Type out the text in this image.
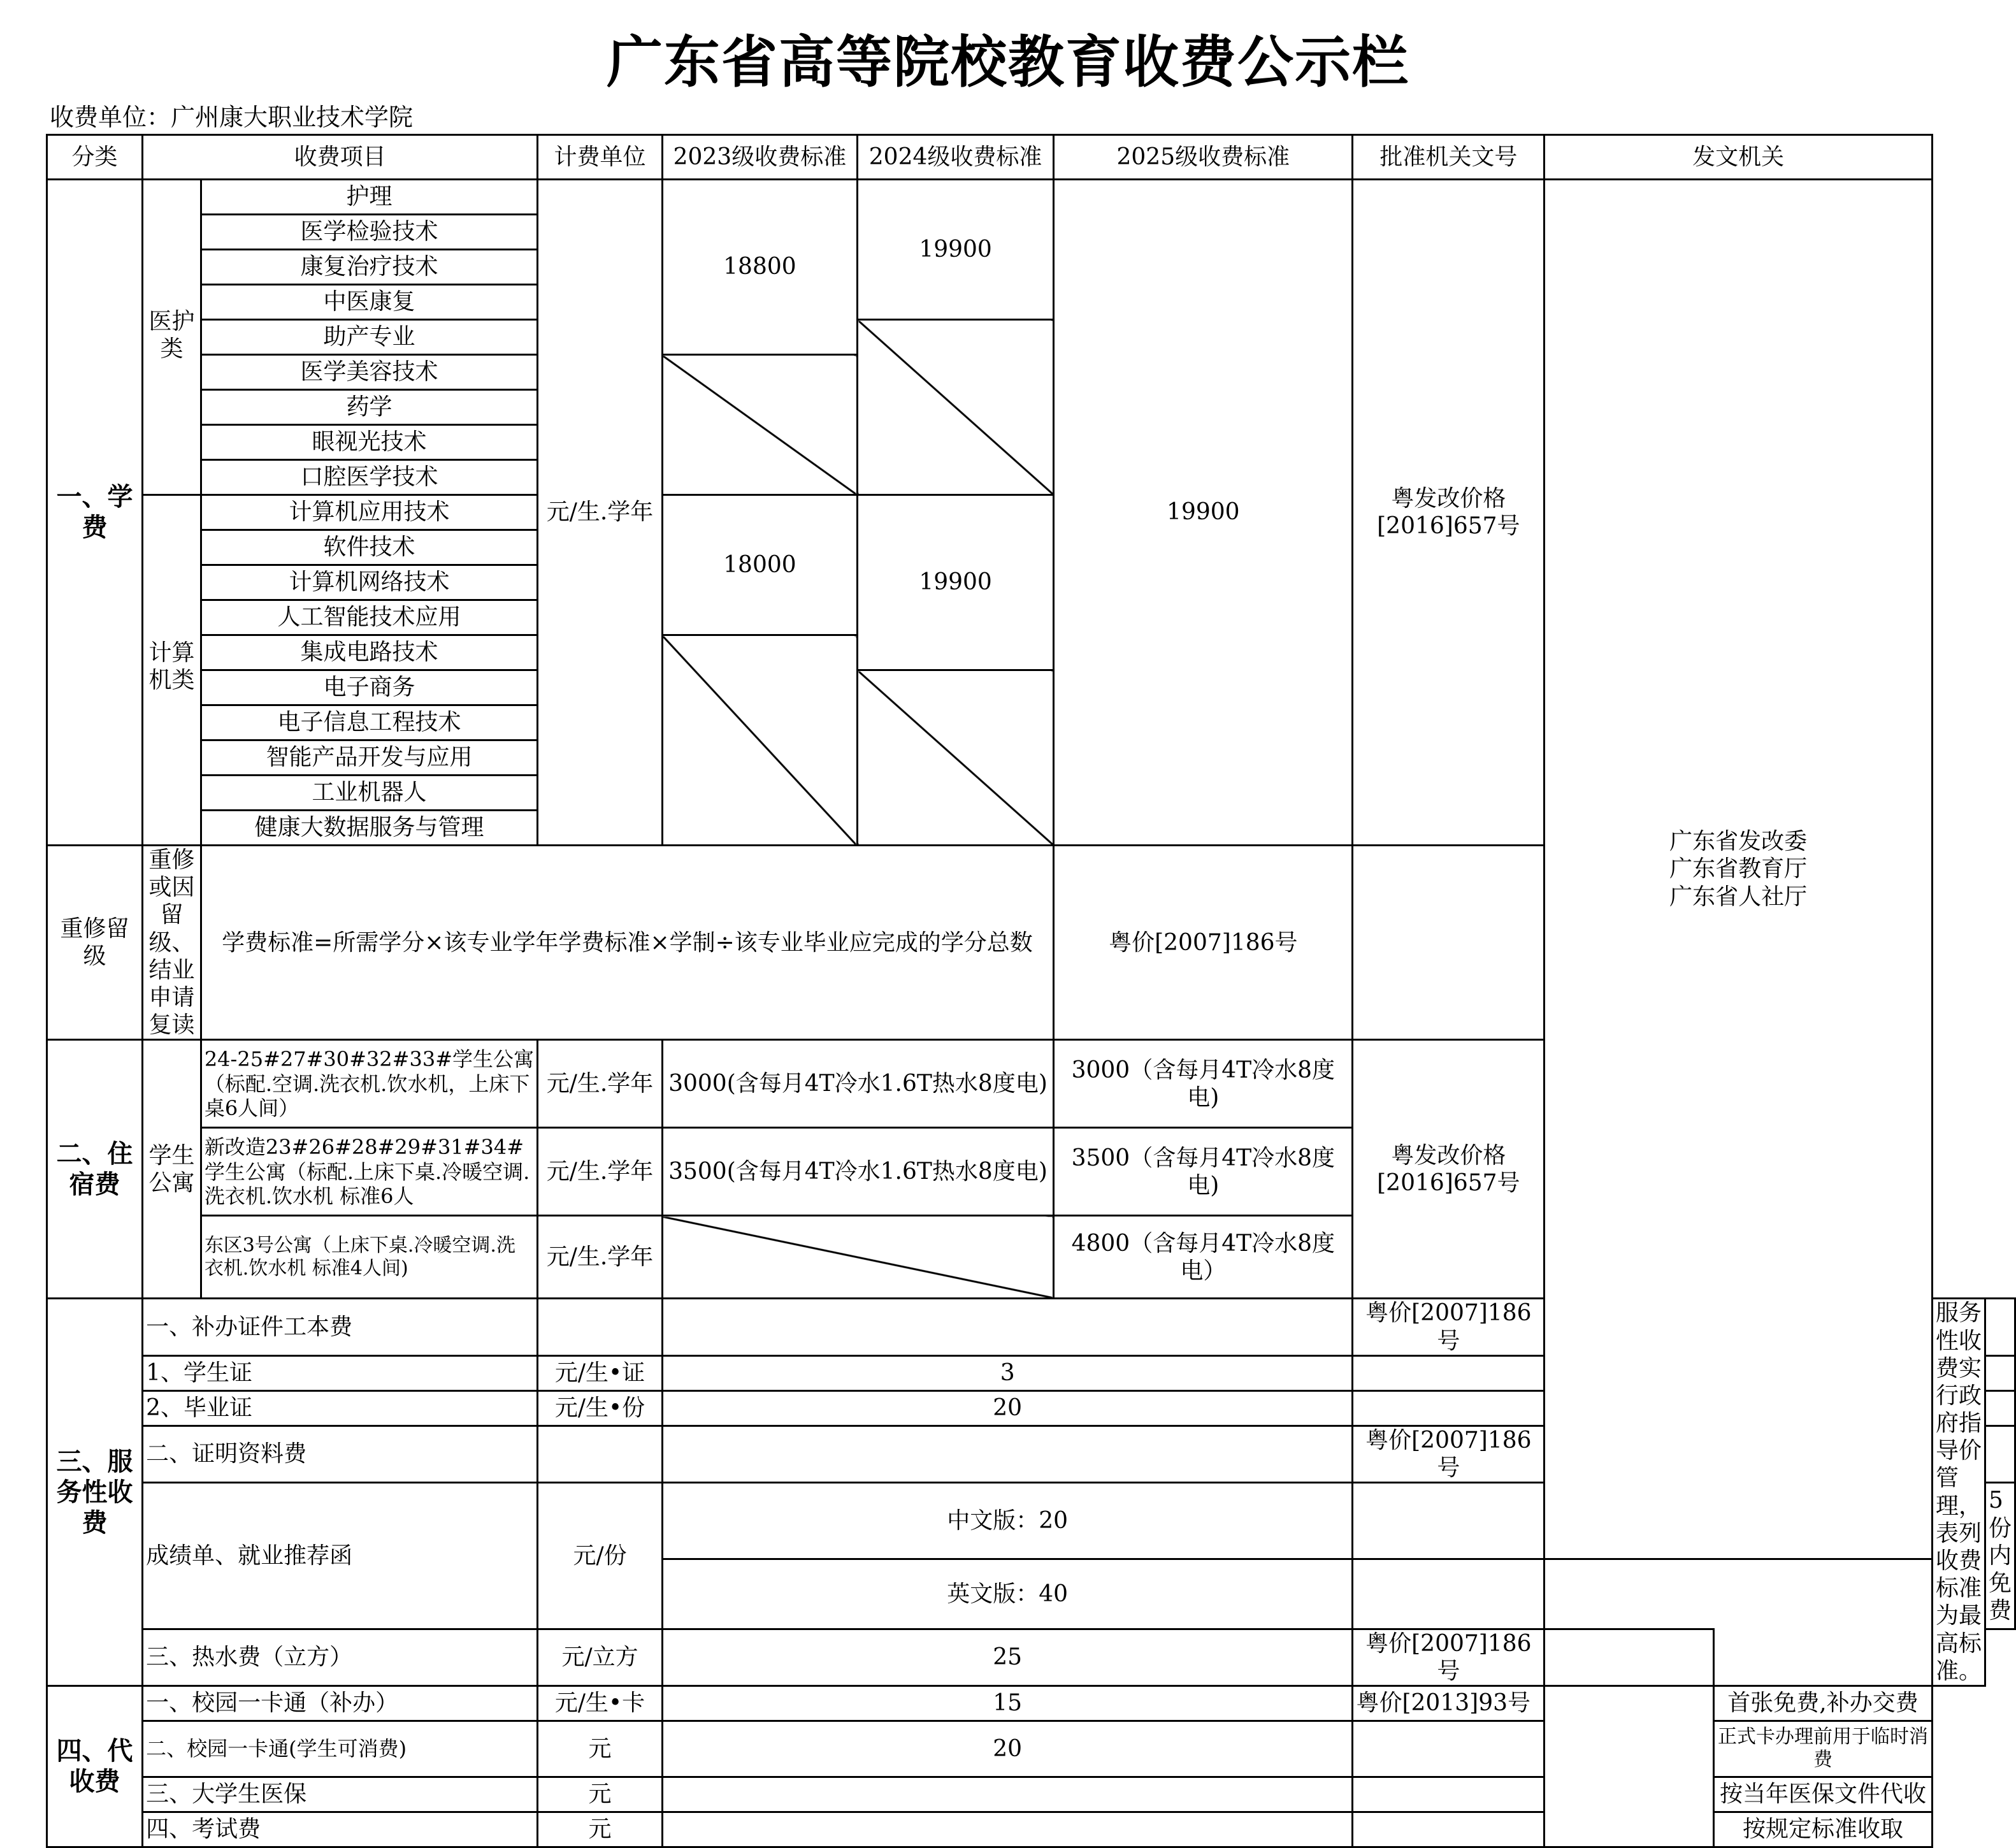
广东省高等院校教育收费公示栏
收费单位：广州康大职业技术学院
分类	收费项目		计费单位	2023级收费标准	2024级收费标准	2025级收费标准	批准机关文号	发文机关			
一、学费	医护类	护理	元/生.学年	18800	19900	19900	粤发改价格[2016]657号	广东省发改委
广东省教育厅
广东省人社厅			

		医学检验技术									
		康复治疗技术									
		中医康复									
		助产专业									
		医学美容技术									
		药学									
		眼视光技术									
		口腔医学技术									
	计算机类	计算机应用技术		18000	19900						
		软件技术									
		计算机网络技术									
		人工智能技术应用									
		集成电路技术									
		电子商务									
		电子信息工程技术									
		智能产品开发与应用									
		工业机器人									
		健康大数据服务与管理									
重修留级	重修或因留级、结业申请复读	学费标准=所需学分×该专业学年学费标准×学制÷该专业毕业应完成的学分总数				粤价[2007]186号					
二、住宿费	学生公寓	24-25#27#30#32#33#学生公寓（标配.空调.洗衣机.饮水机，上床下桌6人间）	元/生.学年	3000(含每月4T冷水1.6T热水8度电)		3000（含每月4T冷水8度电)	粤发改价格[2016]657号				
		新改造23#26#28#29#31#34#学生公寓（标配.上床下桌.冷暖空调.洗衣机.饮水机 标准6人	元/生.学年	3500(含每月4T冷水1.6T热水8度电)		3500（含每月4T冷水8度电)					
		东区3号公寓（上床下桌.冷暖空调.洗衣机.饮水机 标准4人间)	元/生.学年			4800（含每月4T冷水8度电）					
三、服务性收费	一、补办证件工本费						粤价[2007]186号			服务性收费实行政府指导价管理，表列收费标准为最高标准。	
	1、学生证		元/生•证	3							
	2、毕业证		元/生•份	20							
	二、证明资料费						粤价[2007]186号				
	成绩单、就业推荐函		元/份	中文版：20							5份内免费
				英文版：40							
	三、热水费（立方）		元/立方	25			粤价[2007]186号				
四、代收费	一、校园一卡通（补办）		元/生•卡	15			粤价[2013]93号		首张免费,补办交费		
	二、校园一卡通(学生可消费)		元	20					正式卡办理前用于临时消费		
	三、大学生医保		元						按当年医保文件代收		
	四、考试费		元						按规定标准收取		
